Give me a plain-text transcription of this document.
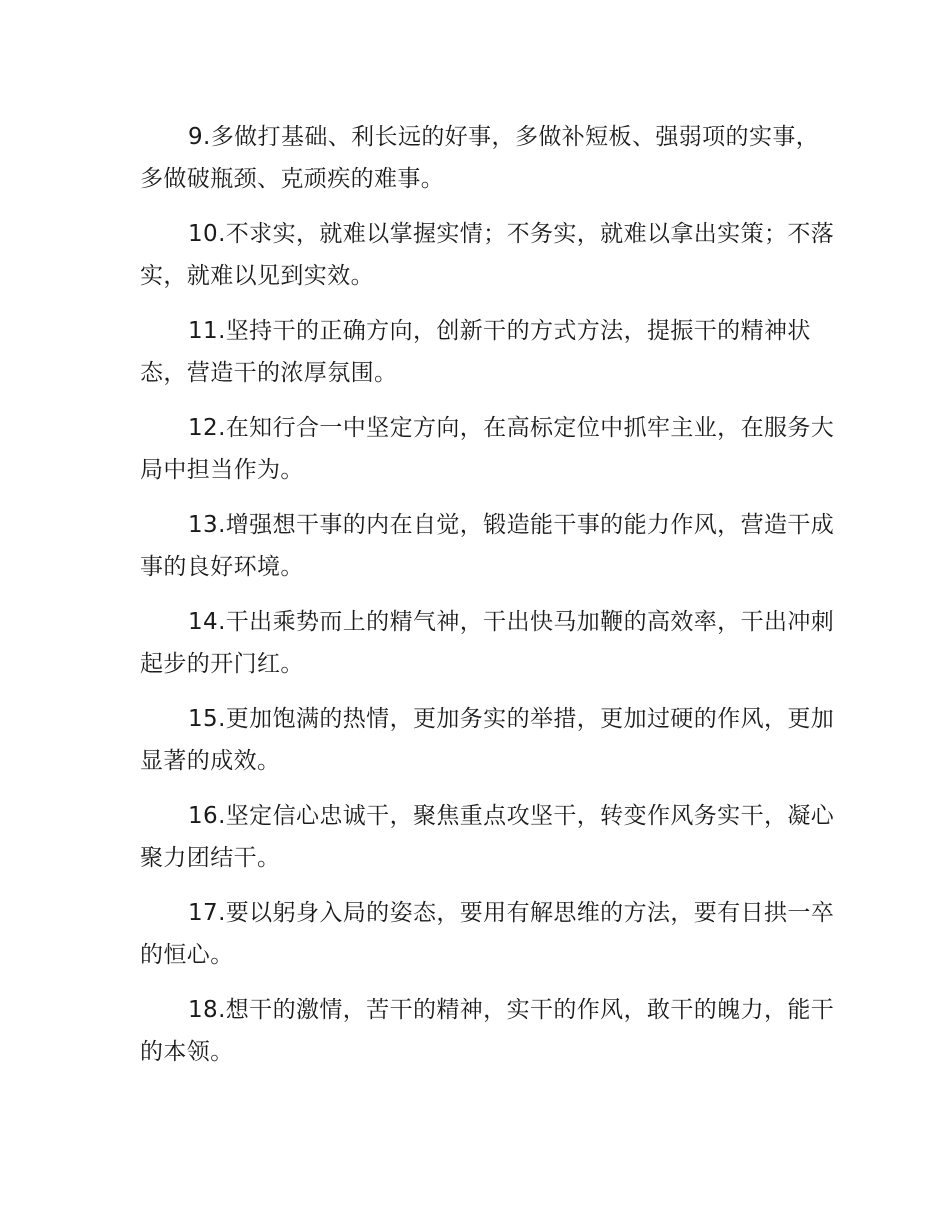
9.多做打基础、利长远的好事，多做补短板、强弱项的实事，多做破瓶颈、克顽疾的难事。

10.不求实，就难以掌握实情；不务实，就难以拿出实策；不落实，就难以见到实效。

11.坚持干的正确方向，创新干的方式方法，提振干的精神状态，营造干的浓厚氛围。

12.在知行合一中坚定方向，在高标定位中抓牢主业，在服务大局中担当作为。

13.增强想干事的内在自觉，锻造能干事的能力作风，营造干成事的良好环境。

14.干出乘势而上的精气神，干出快马加鞭的高效率，干出冲刺起步的开门红。

15.更加饱满的热情，更加务实的举措，更加过硬的作风，更加显著的成效。

16.坚定信心忠诚干，聚焦重点攻坚干，转变作风务实干，凝心聚力团结干。

17.要以躬身入局的姿态，要用有解思维的方法，要有日拱一卒的恒心。

18.想干的激情，苦干的精神，实干的作风，敢干的魄力，能干的本领。
